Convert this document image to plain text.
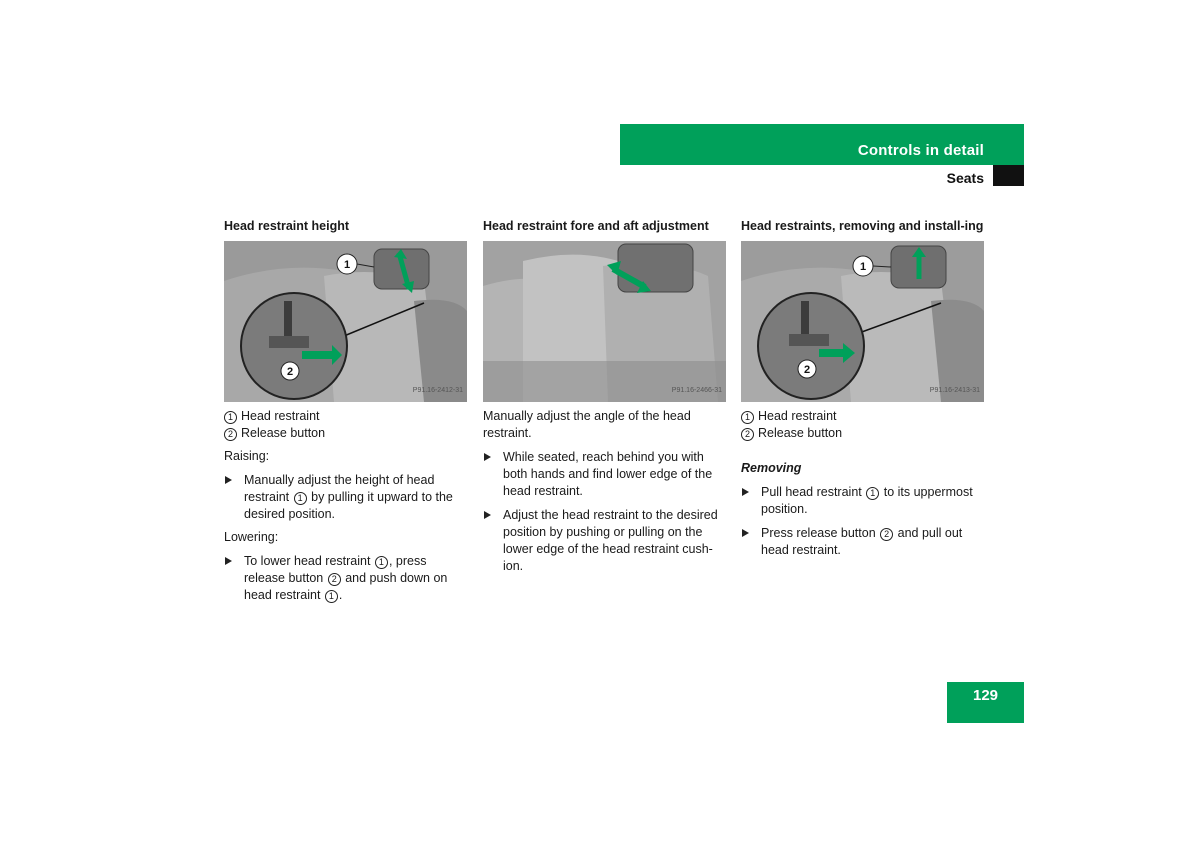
Controls in detail
Seats
Head restraint height
1
2
P91.16-2412-31
1 Head restraint
2 Release button

Raising:

Manually adjust the height of head restraint 1 by pulling it upward to the desired position.

Lowering:

To lower head restraint 1 , press release button 2 and push down on head restraint 1 .
Head restraint fore and aft adjustment
P91.16-2466-31

Manually adjust the angle of the head restraint.

While seated, reach behind you with both hands and find lower edge of the head restraint.
Adjust the head restraint to the desired position by pushing or pulling on the lower edge of the head restraint cush-ion.
Head restraints, removing and install-ing
1
2
P91.16-2413-31
1 Head restraint
2 Release button
Removing
Pull head restraint 1 to its uppermost position.
Press release button 2 and pull out head restraint.
129
